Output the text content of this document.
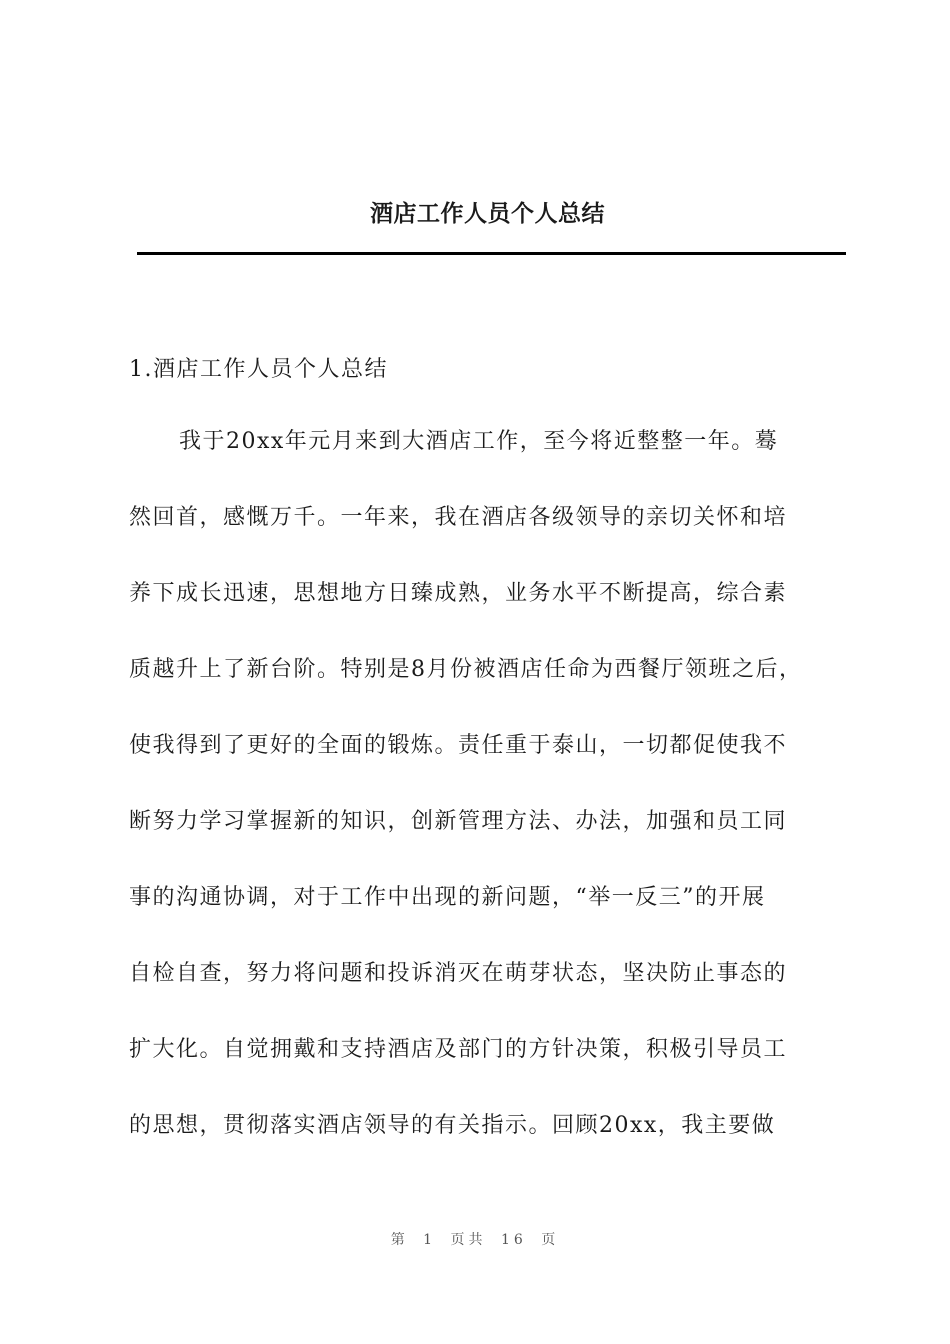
酒店工作人员个人总结

1.酒店工作人员个人总结

我于20xx年元月来到大酒店工作，至今将近整整一年。蓦
然回首，感慨万千。一年来，我在酒店各级领导的亲切关怀和培
养下成长迅速，思想地方日臻成熟，业务水平不断提高，综合素
质越升上了新台阶。特别是8月份被酒店任命为西餐厅领班之后，
使我得到了更好的全面的锻炼。责任重于泰山，一切都促使我不
断努力学习掌握新的知识，创新管理方法、办法，加强和员工同
事的沟通协调，对于工作中出现的新问题，“举一反三”的开展
自检自查，努力将问题和投诉消灭在萌芽状态，坚决防止事态的
扩大化。自觉拥戴和支持酒店及部门的方针决策，积极引导员工
的思想，贯彻落实酒店领导的有关指示。回顾20xx，我主要做
第 1 页共 16 页
